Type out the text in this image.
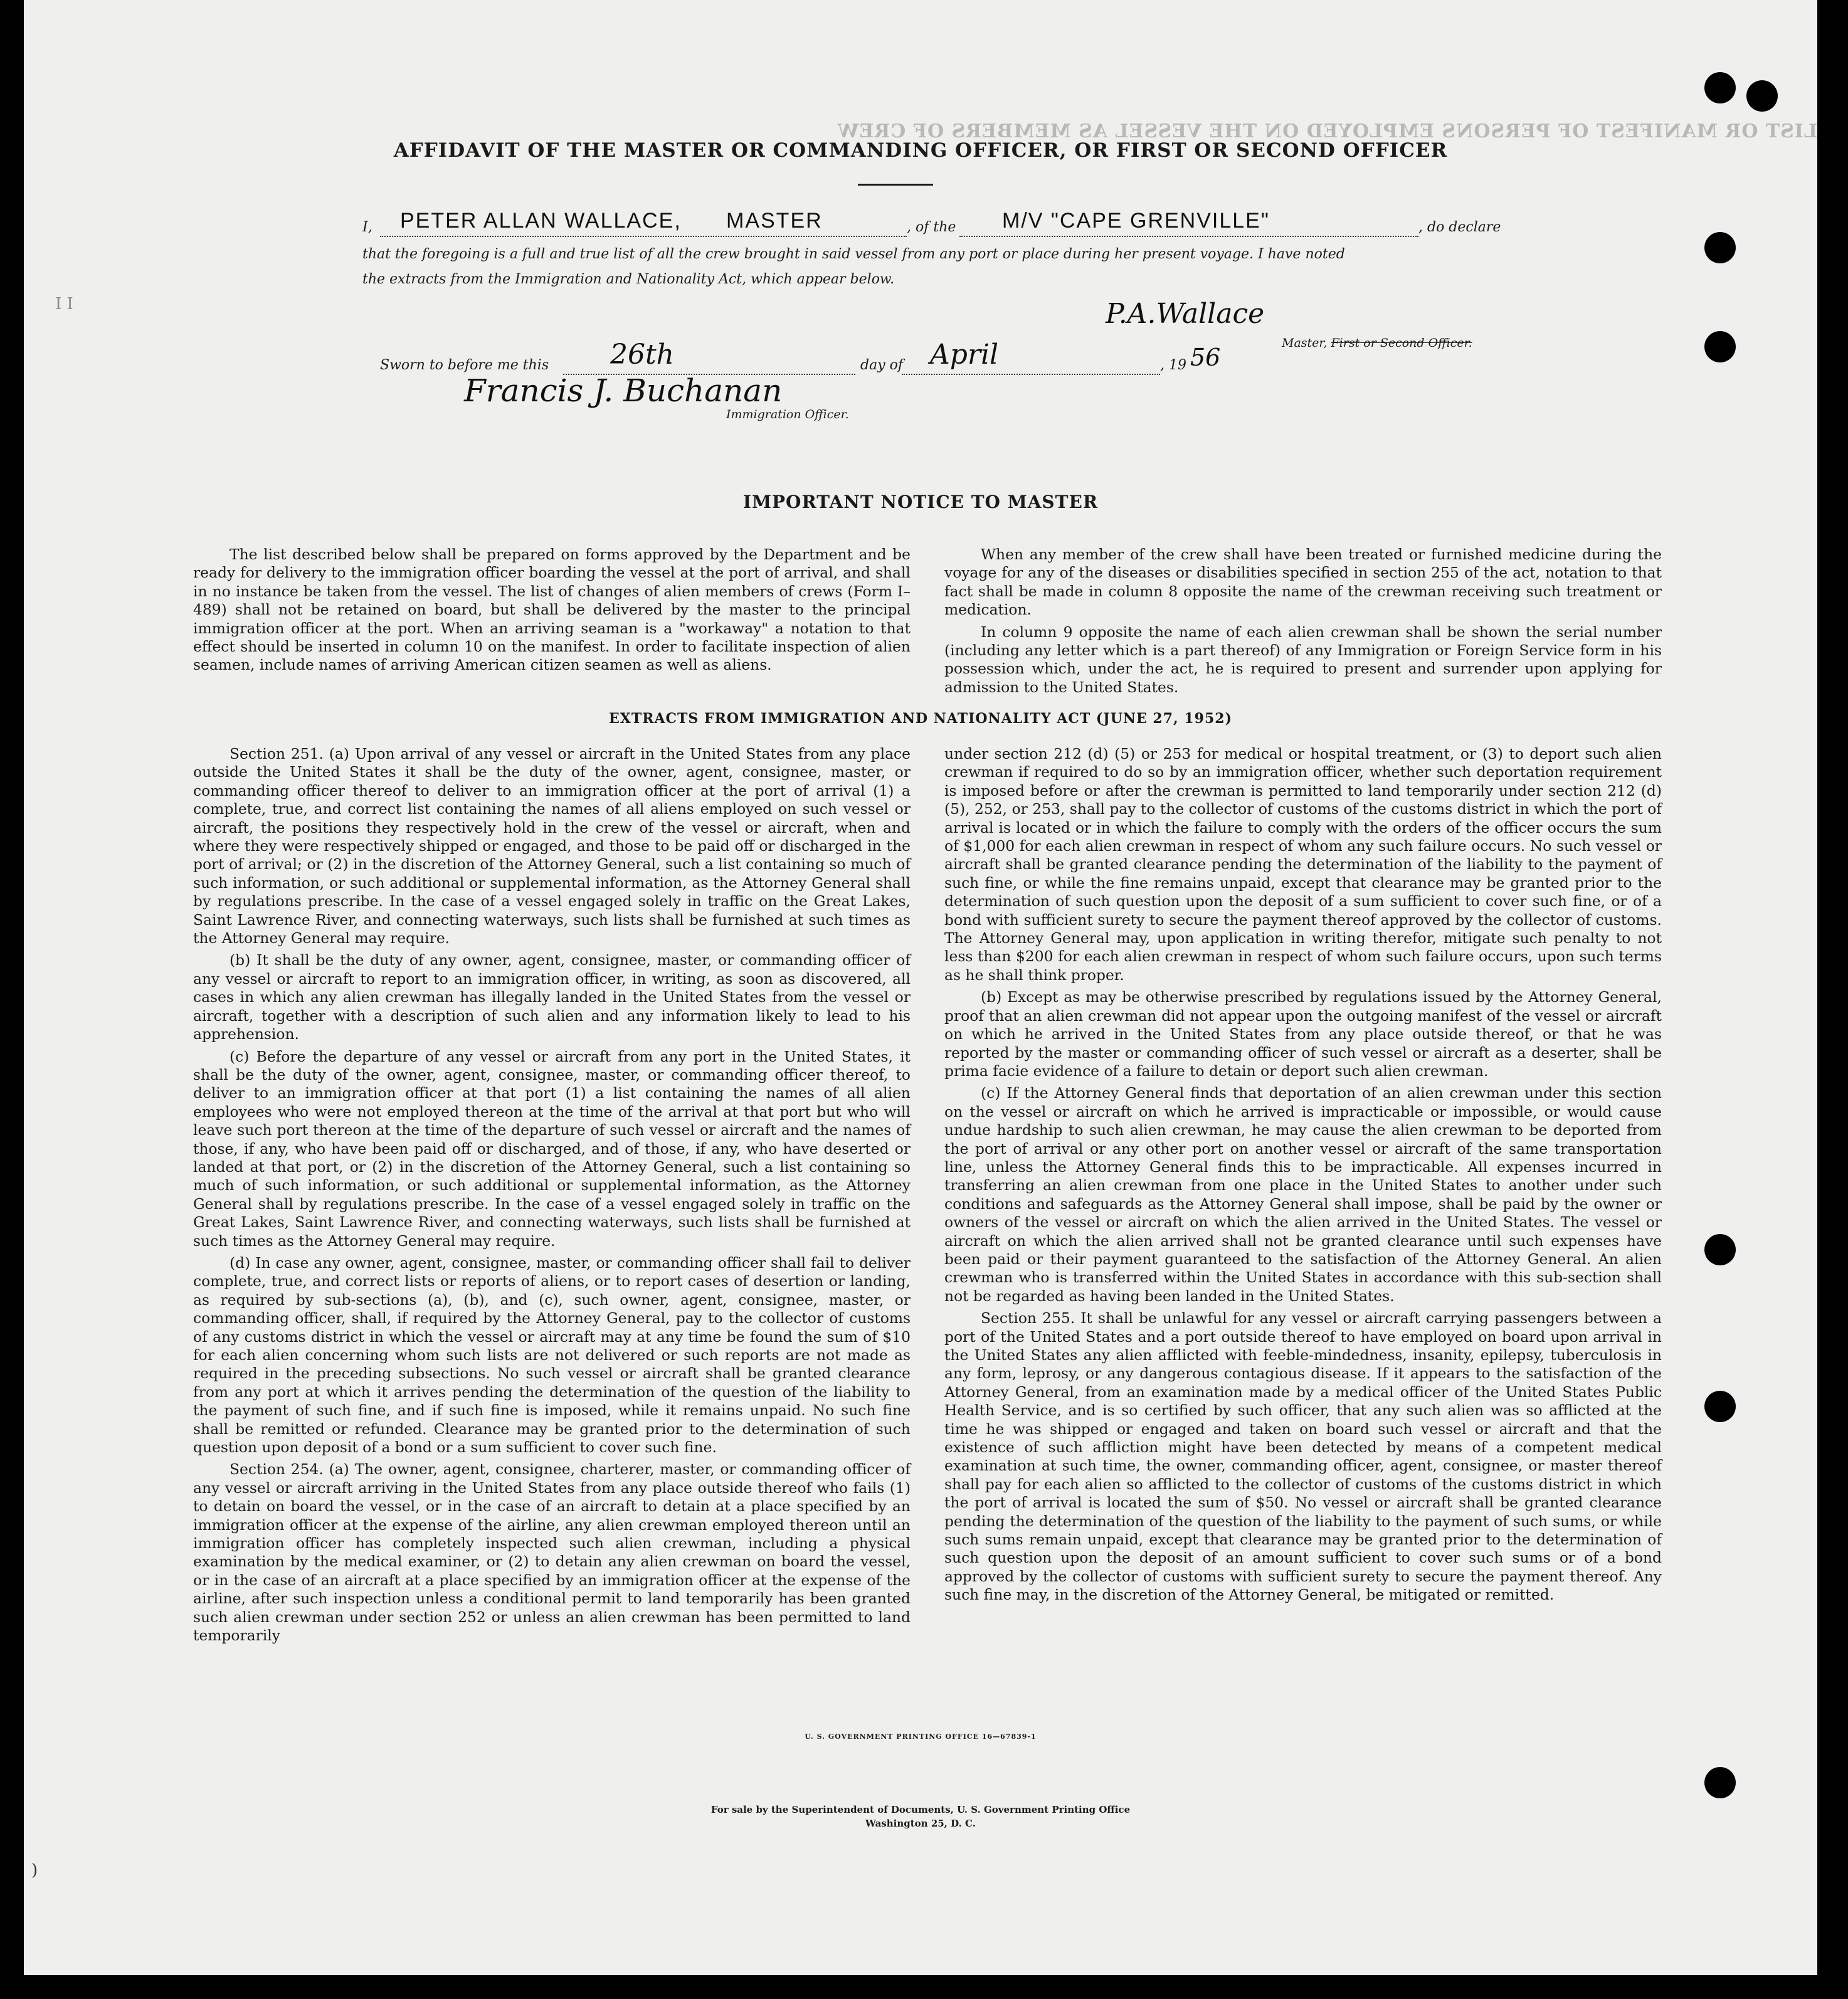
LIST OR MANIFEST OF PERSONS EMPLOYED ON THE VESSEL AS MEMBERS OF CREW
I I
AFFIDAVIT OF THE MASTER OR COMMANDING OFFICER, OR FIRST OR SECOND OFFICER
I, PETER ALLAN WALLACE, MASTER	, of the M/V "CAPE GRENVILLE"	, do declare
that the foregoing is a full and true list of all the crew brought in said vessel from any port or place during her present voyage. I have noted
the extracts from the Immigration and Nationality Act, which appear below.
P.A.Wallace
Master, First or Second Officer.
Sworn to before me this 26th	day of April	, 19 56
Francis J. Buchanan
Immigration Officer.
IMPORTANT NOTICE TO MASTER

The list described below shall be prepared on forms approved by the Department and be ready for delivery to the immigration officer boarding the vessel at the port of arrival, and shall in no instance be taken from the vessel. The list of changes of alien members of crews (Form I–489) shall not be retained on board, but shall be delivered by the master to the principal immigration officer at the port. When an arriving seaman is a "workaway" a notation to that effect should be inserted in column 10 on the manifest. In order to facilitate inspection of alien seamen, include names of arriving American citizen seamen as well as aliens.

When any member of the crew shall have been treated or furnished medicine during the voyage for any of the diseases or disabilities specified in section 255 of the act, notation to that fact shall be made in column 8 opposite the name of the crewman receiving such treatment or medication.

In column 9 opposite the name of each alien crewman shall be shown the serial number (including any letter which is a part thereof) of any Immigration or Foreign Service form in his possession which, under the act, he is required to present and surrender upon applying for admission to the United States.

EXTRACTS FROM IMMIGRATION AND NATIONALITY ACT (JUNE 27, 1952)

Section 251. (a) Upon arrival of any vessel or aircraft in the United States from any place outside the United States it shall be the duty of the owner, agent, consignee, master, or commanding officer thereof to deliver to an immigration officer at the port of arrival (1) a complete, true, and correct list containing the names of all aliens employed on such vessel or aircraft, the positions they respectively hold in the crew of the vessel or aircraft, when and where they were respectively shipped or engaged, and those to be paid off or discharged in the port of arrival; or (2) in the discretion of the Attorney General, such a list containing so much of such information, or such additional or supplemental information, as the Attorney General shall by regulations prescribe. In the case of a vessel engaged solely in traffic on the Great Lakes, Saint Lawrence River, and connecting waterways, such lists shall be furnished at such times as the Attorney General may require.

(b) It shall be the duty of any owner, agent, consignee, master, or commanding officer of any vessel or aircraft to report to an immigration officer, in writing, as soon as discovered, all cases in which any alien crewman has illegally landed in the United States from the vessel or aircraft, together with a description of such alien and any information likely to lead to his apprehension.

(c) Before the departure of any vessel or aircraft from any port in the United States, it shall be the duty of the owner, agent, consignee, master, or commanding officer thereof, to deliver to an immigration officer at that port (1) a list containing the names of all alien employees who were not employed thereon at the time of the arrival at that port but who will leave such port thereon at the time of the departure of such vessel or aircraft and the names of those, if any, who have been paid off or discharged, and of those, if any, who have deserted or landed at that port, or (2) in the discretion of the Attorney General, such a list containing so much of such information, or such additional or supplemental information, as the Attorney General shall by regulations prescribe. In the case of a vessel engaged solely in traffic on the Great Lakes, Saint Lawrence River, and connecting waterways, such lists shall be furnished at such times as the Attorney General may require.

(d) In case any owner, agent, consignee, master, or commanding officer shall fail to deliver complete, true, and correct lists or reports of aliens, or to report cases of desertion or landing, as required by sub-sections (a), (b), and (c), such owner, agent, consignee, master, or commanding officer, shall, if required by the Attorney General, pay to the collector of customs of any customs district in which the vessel or aircraft may at any time be found the sum of $10 for each alien concerning whom such lists are not delivered or such reports are not made as required in the preceding subsections. No such vessel or aircraft shall be granted clearance from any port at which it arrives pending the determination of the question of the liability to the payment of such fine, and if such fine is imposed, while it remains unpaid. No such fine shall be remitted or refunded. Clearance may be granted prior to the determination of such question upon deposit of a bond or a sum sufficient to cover such fine.

Section 254. (a) The owner, agent, consignee, charterer, master, or commanding officer of any vessel or aircraft arriving in the United States from any place outside thereof who fails (1) to detain on board the vessel, or in the case of an aircraft to detain at a place specified by an immigration officer at the expense of the airline, any alien crewman employed thereon until an immigration officer has completely inspected such alien crewman, including a physical examination by the medical examiner, or (2) to detain any alien crewman on board the vessel, or in the case of an aircraft at a place specified by an immigration officer at the expense of the airline, after such inspection unless a conditional permit to land temporarily has been granted such alien crewman under section 252 or unless an alien crewman has been permitted to land temporarily

under section 212 (d) (5) or 253 for medical or hospital treatment, or (3) to deport such alien crewman if required to do so by an immigration officer, whether such deportation requirement is imposed before or after the crewman is permitted to land temporarily under section 212 (d) (5), 252, or 253, shall pay to the collector of customs of the customs district in which the port of arrival is located or in which the failure to comply with the orders of the officer occurs the sum of $1,000 for each alien crewman in respect of whom any such failure occurs. No such vessel or aircraft shall be granted clearance pending the determination of the liability to the payment of such fine, or while the fine remains unpaid, except that clearance may be granted prior to the determination of such question upon the deposit of a sum sufficient to cover such fine, or of a bond with sufficient surety to secure the payment thereof approved by the collector of customs. The Attorney General may, upon application in writing therefor, mitigate such penalty to not less than $200 for each alien crewman in respect of whom such failure occurs, upon such terms as he shall think proper.

(b) Except as may be otherwise prescribed by regulations issued by the Attorney General, proof that an alien crewman did not appear upon the outgoing manifest of the vessel or aircraft on which he arrived in the United States from any place outside thereof, or that he was reported by the master or commanding officer of such vessel or aircraft as a deserter, shall be prima facie evidence of a failure to detain or deport such alien crewman.

(c) If the Attorney General finds that deportation of an alien crewman under this section on the vessel or aircraft on which he arrived is impracticable or impossible, or would cause undue hardship to such alien crewman, he may cause the alien crewman to be deported from the port of arrival or any other port on another vessel or aircraft of the same transportation line, unless the Attorney General finds this to be impracticable. All expenses incurred in transferring an alien crewman from one place in the United States to another under such conditions and safeguards as the Attorney General shall impose, shall be paid by the owner or owners of the vessel or aircraft on which the alien arrived in the United States. The vessel or aircraft on which the alien arrived shall not be granted clearance until such expenses have been paid or their payment guaranteed to the satisfaction of the Attorney General. An alien crewman who is transferred within the United States in accordance with this sub-section shall not be regarded as having been landed in the United States.

Section 255. It shall be unlawful for any vessel or aircraft carrying passengers between a port of the United States and a port outside thereof to have employed on board upon arrival in the United States any alien afflicted with feeble-mindedness, insanity, epilepsy, tuberculosis in any form, leprosy, or any dangerous contagious disease. If it appears to the satisfaction of the Attorney General, from an examination made by a medical officer of the United States Public Health Service, and is so certified by such officer, that any such alien was so afflicted at the time he was shipped or engaged and taken on board such vessel or aircraft and that the existence of such affliction might have been detected by means of a competent medical examination at such time, the owner, commanding officer, agent, consignee, or master thereof shall pay for each alien so afflicted to the collector of customs of the customs district in which the port of arrival is located the sum of $50. No vessel or aircraft shall be granted clearance pending the determination of the question of the liability to the payment of such sums, or while such sums remain unpaid, except that clearance may be granted prior to the determination of such question upon the deposit of an amount sufficient to cover such sums or of a bond approved by the collector of customs with sufficient surety to secure the payment thereof. Any such fine may, in the discretion of the Attorney General, be mitigated or remitted.

U. S. GOVERNMENT PRINTING OFFICE 16—67839-1
For sale by the Superintendent of Documents, U. S. Government Printing Office
Washington 25, D. C.
)
